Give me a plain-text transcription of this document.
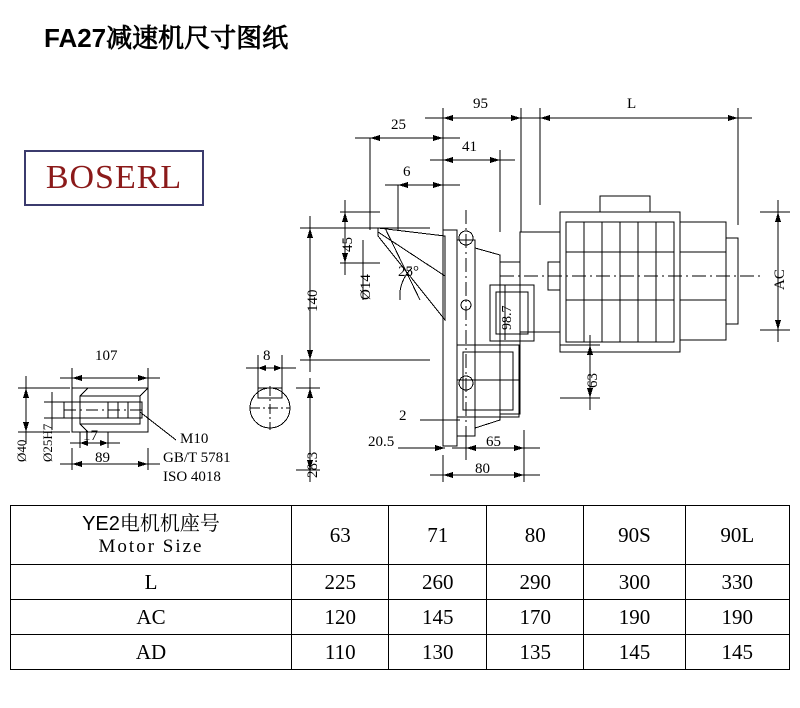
FA27减速机尺寸图纸
BOSERL
95	L
25
41
6
45
140
Ø14
25°
98.7
AC
63
2
20.5	65
80
107	8
17
89
Ø40 Ø25H7
28.3
M10
GB/T 5781
ISO 4018
YE2电机机座号
Motor Size	63	71	80	90S	90L
L	225	260	290	300	330
AC	120	145	170	190	190
AD	110	130	135	145	145
